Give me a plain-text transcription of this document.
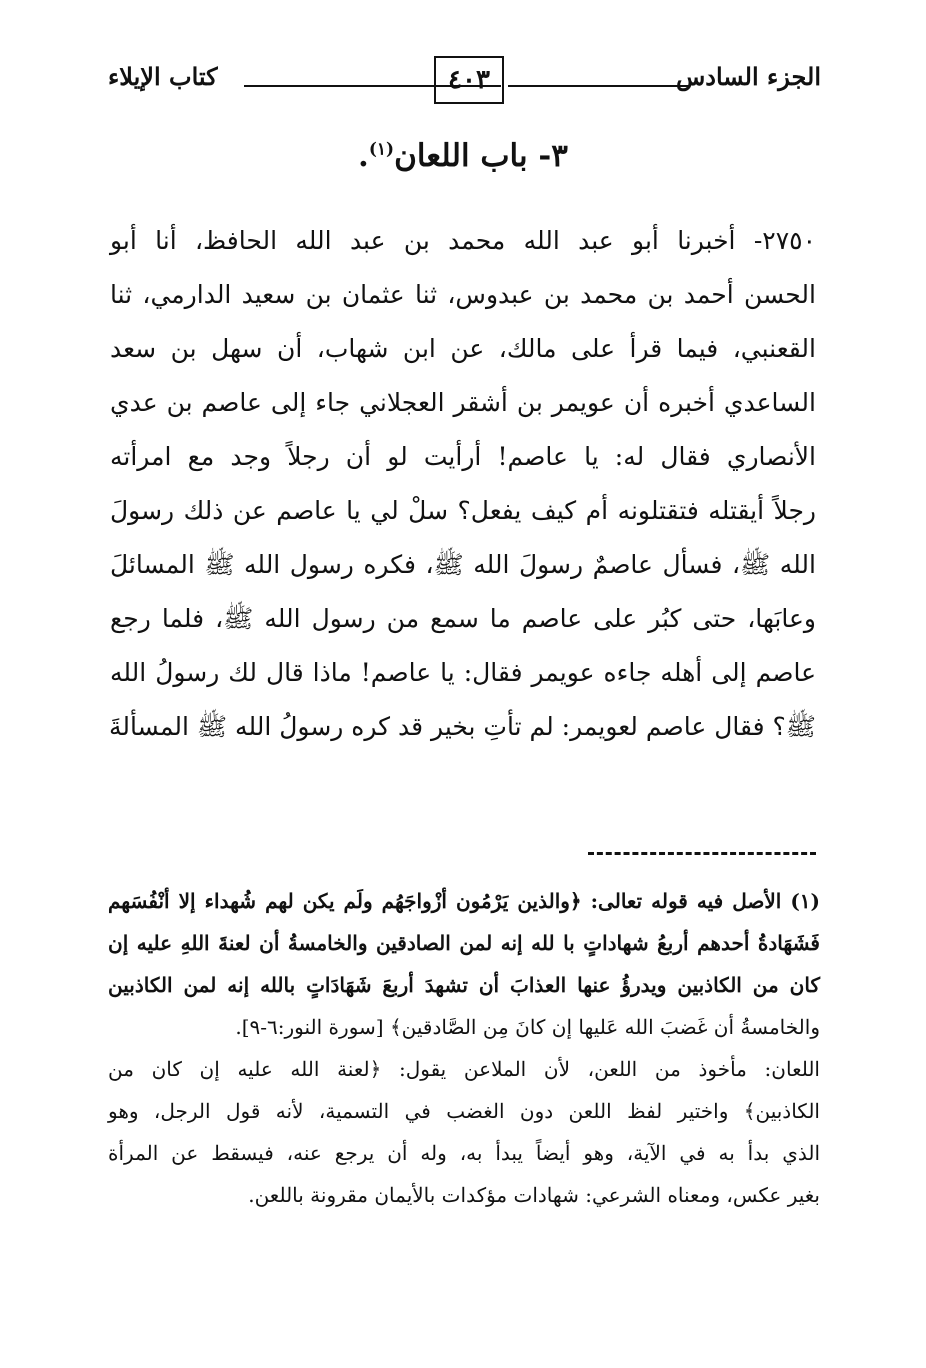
الجزء السادس
٤٠٣
كتاب الإيلاء
٣- باب اللعان$^{(١)}$.
٢٧٥٠- أخبرنا أبو عبد الله محمد بن عبد الله الحافظ، أنا أبو
الحسن أحمد بن محمد بن عبدوس، ثنا عثمان بن سعيد الدارمي، ثنا
القعنبي، فيما قرأ على مالك، عن ابن شهاب، أن سهل بن سعد
الساعدي أخبره أن عويمر بن أشقر العجلاني جاء إلى عاصم بن عدي
الأنصاري فقال له: يا عاصم! أرأيت لو أن رجلاً وجد مع امرأته
رجلاً أيقتله فتقتلونه أم كيف يفعل؟ سلْ لي يا عاصم عن ذلك رسولَ
الله ﷺ، فسأل عاصمٌ رسولَ الله ﷺ، فكره رسول الله ﷺ المسائلَ
وعابَها، حتى كبُر على عاصم ما سمع من رسول الله ﷺ، فلما رجع
عاصم إلى أهله جاءه عويمر فقال: يا عاصم! ماذا قال لك رسولُ الله
ﷺ؟ فقال عاصم لعويمر: لم تأتِ بخير قد كره رسولُ الله ﷺ المسألةَ
(١) الأصل فيه قوله تعالى: ﴿والذين يَرْمُون أزْواجَهُم ولَم يكن لهم شُهداء إلا أنْفُسَهم
فَشَهَادةُ أحدهم أربعُ شهاداتٍ با لله إنه لمن الصادقين والخامسةُ أن لعنةَ اللهِ عليه إن
كان من الكاذبين ويدرؤُ عنها العذابَ أن تشهدَ أربعَ شَهَادَاتٍ بالله إنه لمن الكاذبين
والخامسةُ أن غَضبَ الله عَليها إن كانَ مِن الصَّادقين﴾ [سورة النور:٦-٩].
اللعان: مأخوذ من اللعن، لأن الملاعن يقول: ﴿لعنة الله عليه إن كان من
الكاذبين﴾ واختير لفظ اللعن دون الغضب في التسمية، لأنه قول الرجل، وهو
الذي بدأ به في الآية، وهو أيضاً يبدأ به، وله أن يرجع عنه، فيسقط عن المرأة
بغير عكس، ومعناه الشرعي: شهادات مؤكدات بالأيمان مقرونة باللعن.
